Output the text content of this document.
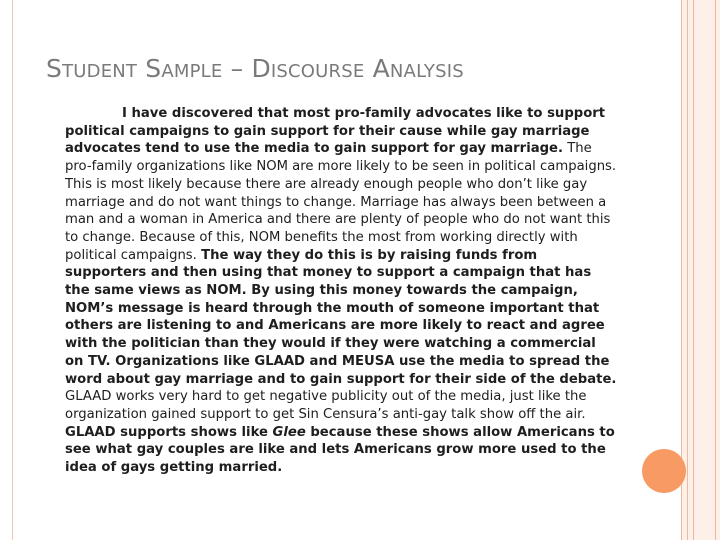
Student Sample – Discourse Analysis

I have discovered that most pro-family advocates like to support political campaigns to gain support for their cause while gay marriage advocates tend to use the media to gain support for gay marriage. The pro-family organizations like NOM are more likely to be seen in political campaigns. This is most likely because there are already enough people who don’t like gay marriage and do not want things to change. Marriage has always been between a man and a woman in America and there are plenty of people who do not want this to change. Because of this, NOM benefits the most from working directly with political campaigns. The way they do this is by raising funds from supporters and then using that money to support a campaign that has the same views as NOM. By using this money towards the campaign, NOM’s message is heard through the mouth of someone important that others are listening to and Americans are more likely to react and agree with the politician than they would if they were watching a commercial on TV. Organizations like GLAAD and MEUSA use the media to spread the word about gay marriage and to gain support for their side of the debate. GLAAD works very hard to get negative publicity out of the media, just like the organization gained support to get Sin Censura’s anti-gay talk show off the air. GLAAD supports shows like Glee because these shows allow Americans to see what gay couples are like and lets Americans grow more used to the idea of gays getting married.
